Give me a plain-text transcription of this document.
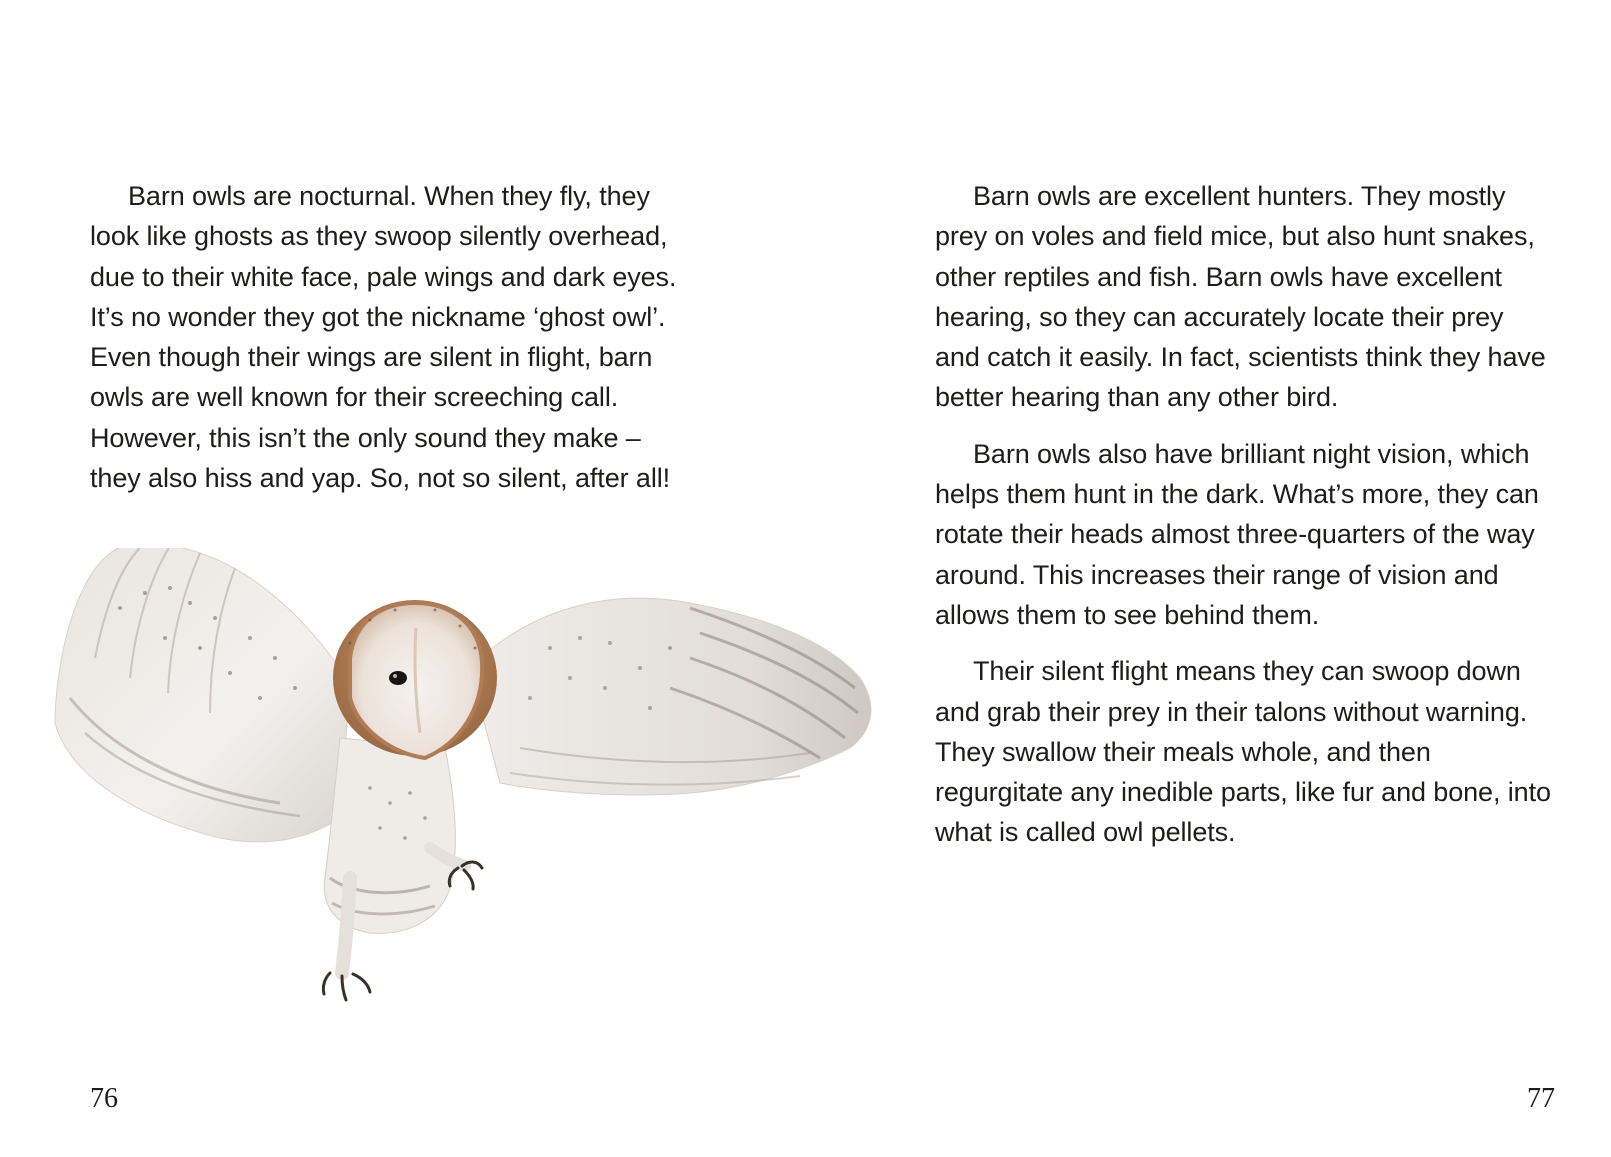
Barn owls are nocturnal. When they fly, they look like ghosts as they swoop silently overhead, due to their white face, pale wings and dark eyes. It’s no wonder they got the nickname ‘ghost owl’. Even though their wings are silent in flight, barn owls are well known for their screeching call. However, this isn’t the only sound they make – they also hiss and yap. So, not so silent, after all!

76

Barn owls are excellent hunters. They mostly prey on voles and field mice, but also hunt snakes, other reptiles and fish. Barn owls have excellent hearing, so they can accurately locate their prey and catch it easily. In fact, scientists think they have better hearing than any other bird.

Barn owls also have brilliant night vision, which helps them hunt in the dark. What’s more, they can rotate their heads almost three-quarters of the way around. This increases their range of vision and allows them to see behind them.

Their silent flight means they can swoop down and grab their prey in their talons without warning. They swallow their meals whole, and then regurgitate any inedible parts, like fur and bone, into what is called owl pellets.

77
